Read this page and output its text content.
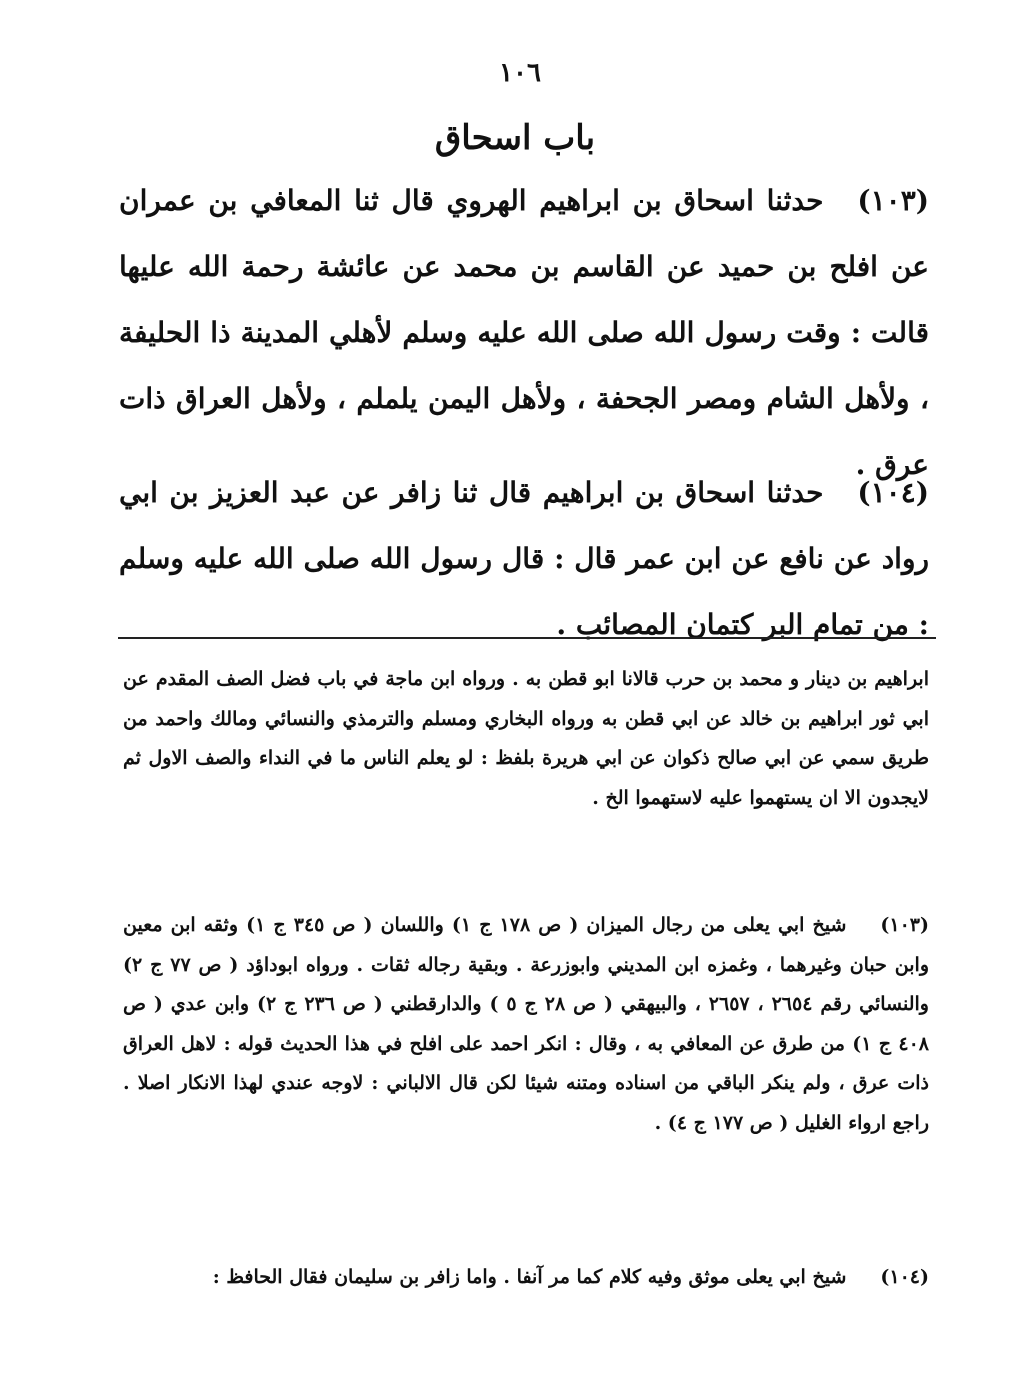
١٠٦
باب اسحاق
(١٠٣)حدثنا اسحاق بن ابراهيم الهروي قال ثنا المعافي بن عمران عن افلح بن حميد عن القاسم بن محمد عن عائشة رحمة الله عليها قالت : وقت رسول الله صلى الله عليه وسلم لأهلي المدينة ذا الحليفة ، ولأهل الشام ومصر الجحفة ، ولأهل اليمن يلملم ، ولأهل العراق ذات عرق .
(١٠٤)حدثنا اسحاق بن ابراهيم قال ثنا زافر عن عبد العزيز بن ابي رواد عن نافع عن ابن عمر قال : قال رسول الله صلى الله عليه وسلم : من تمام البر كتمان المصائب .
ابراهيم بن دينار و محمد بن حرب قالانا ابو قطن به . ورواه ابن ماجة في باب فضل الصف المقدم عن ابي ثور ابراهيم بن خالد عن ابي قطن به ورواه البخاري ومسلم والترمذي والنسائي ومالك واحمد من طريق سمي عن ابي صالح ذكوان عن ابي هريرة بلفظ : لو يعلم الناس ما في النداء والصف الاول ثم لايجدون الا ان يستهموا عليه لاستهموا الخ .
(١٠٣)شيخ ابي يعلى من رجال الميزان ( ص ١٧٨ ج ١) واللسان ( ص ٣٤٥ ج ١) وثقه ابن معين وابن حبان وغيرهما ، وغمزه ابن المديني وابوزرعة . وبقية رجاله ثقات . ورواه ابوداؤد ( ص ٧٧ ج ٢) والنسائي رقم ٢٦٥٤ ، ٢٦٥٧ ، والبيهقي ( ص ٢٨ ج ٥ ) والدارقطني ( ص ٢٣٦ ج ٢) وابن عدي ( ص ٤٠٨ ج ١) من طرق عن المعافي به ، وقال : انكر احمد على افلح في هذا الحديث قوله : لاهل العراق ذات عرق ، ولم ينكر الباقي من اسناده ومتنه شيئا لكن قال الالباني : لاوجه عندي لهذا الانكار اصلا . راجع ارواء الغليل ( ص ١٧٧ ج ٤) .
(١٠٤)شيخ ابي يعلى موثق وفيه كلام كما مر آنفا . واما زافر بن سليمان فقال الحافظ :
